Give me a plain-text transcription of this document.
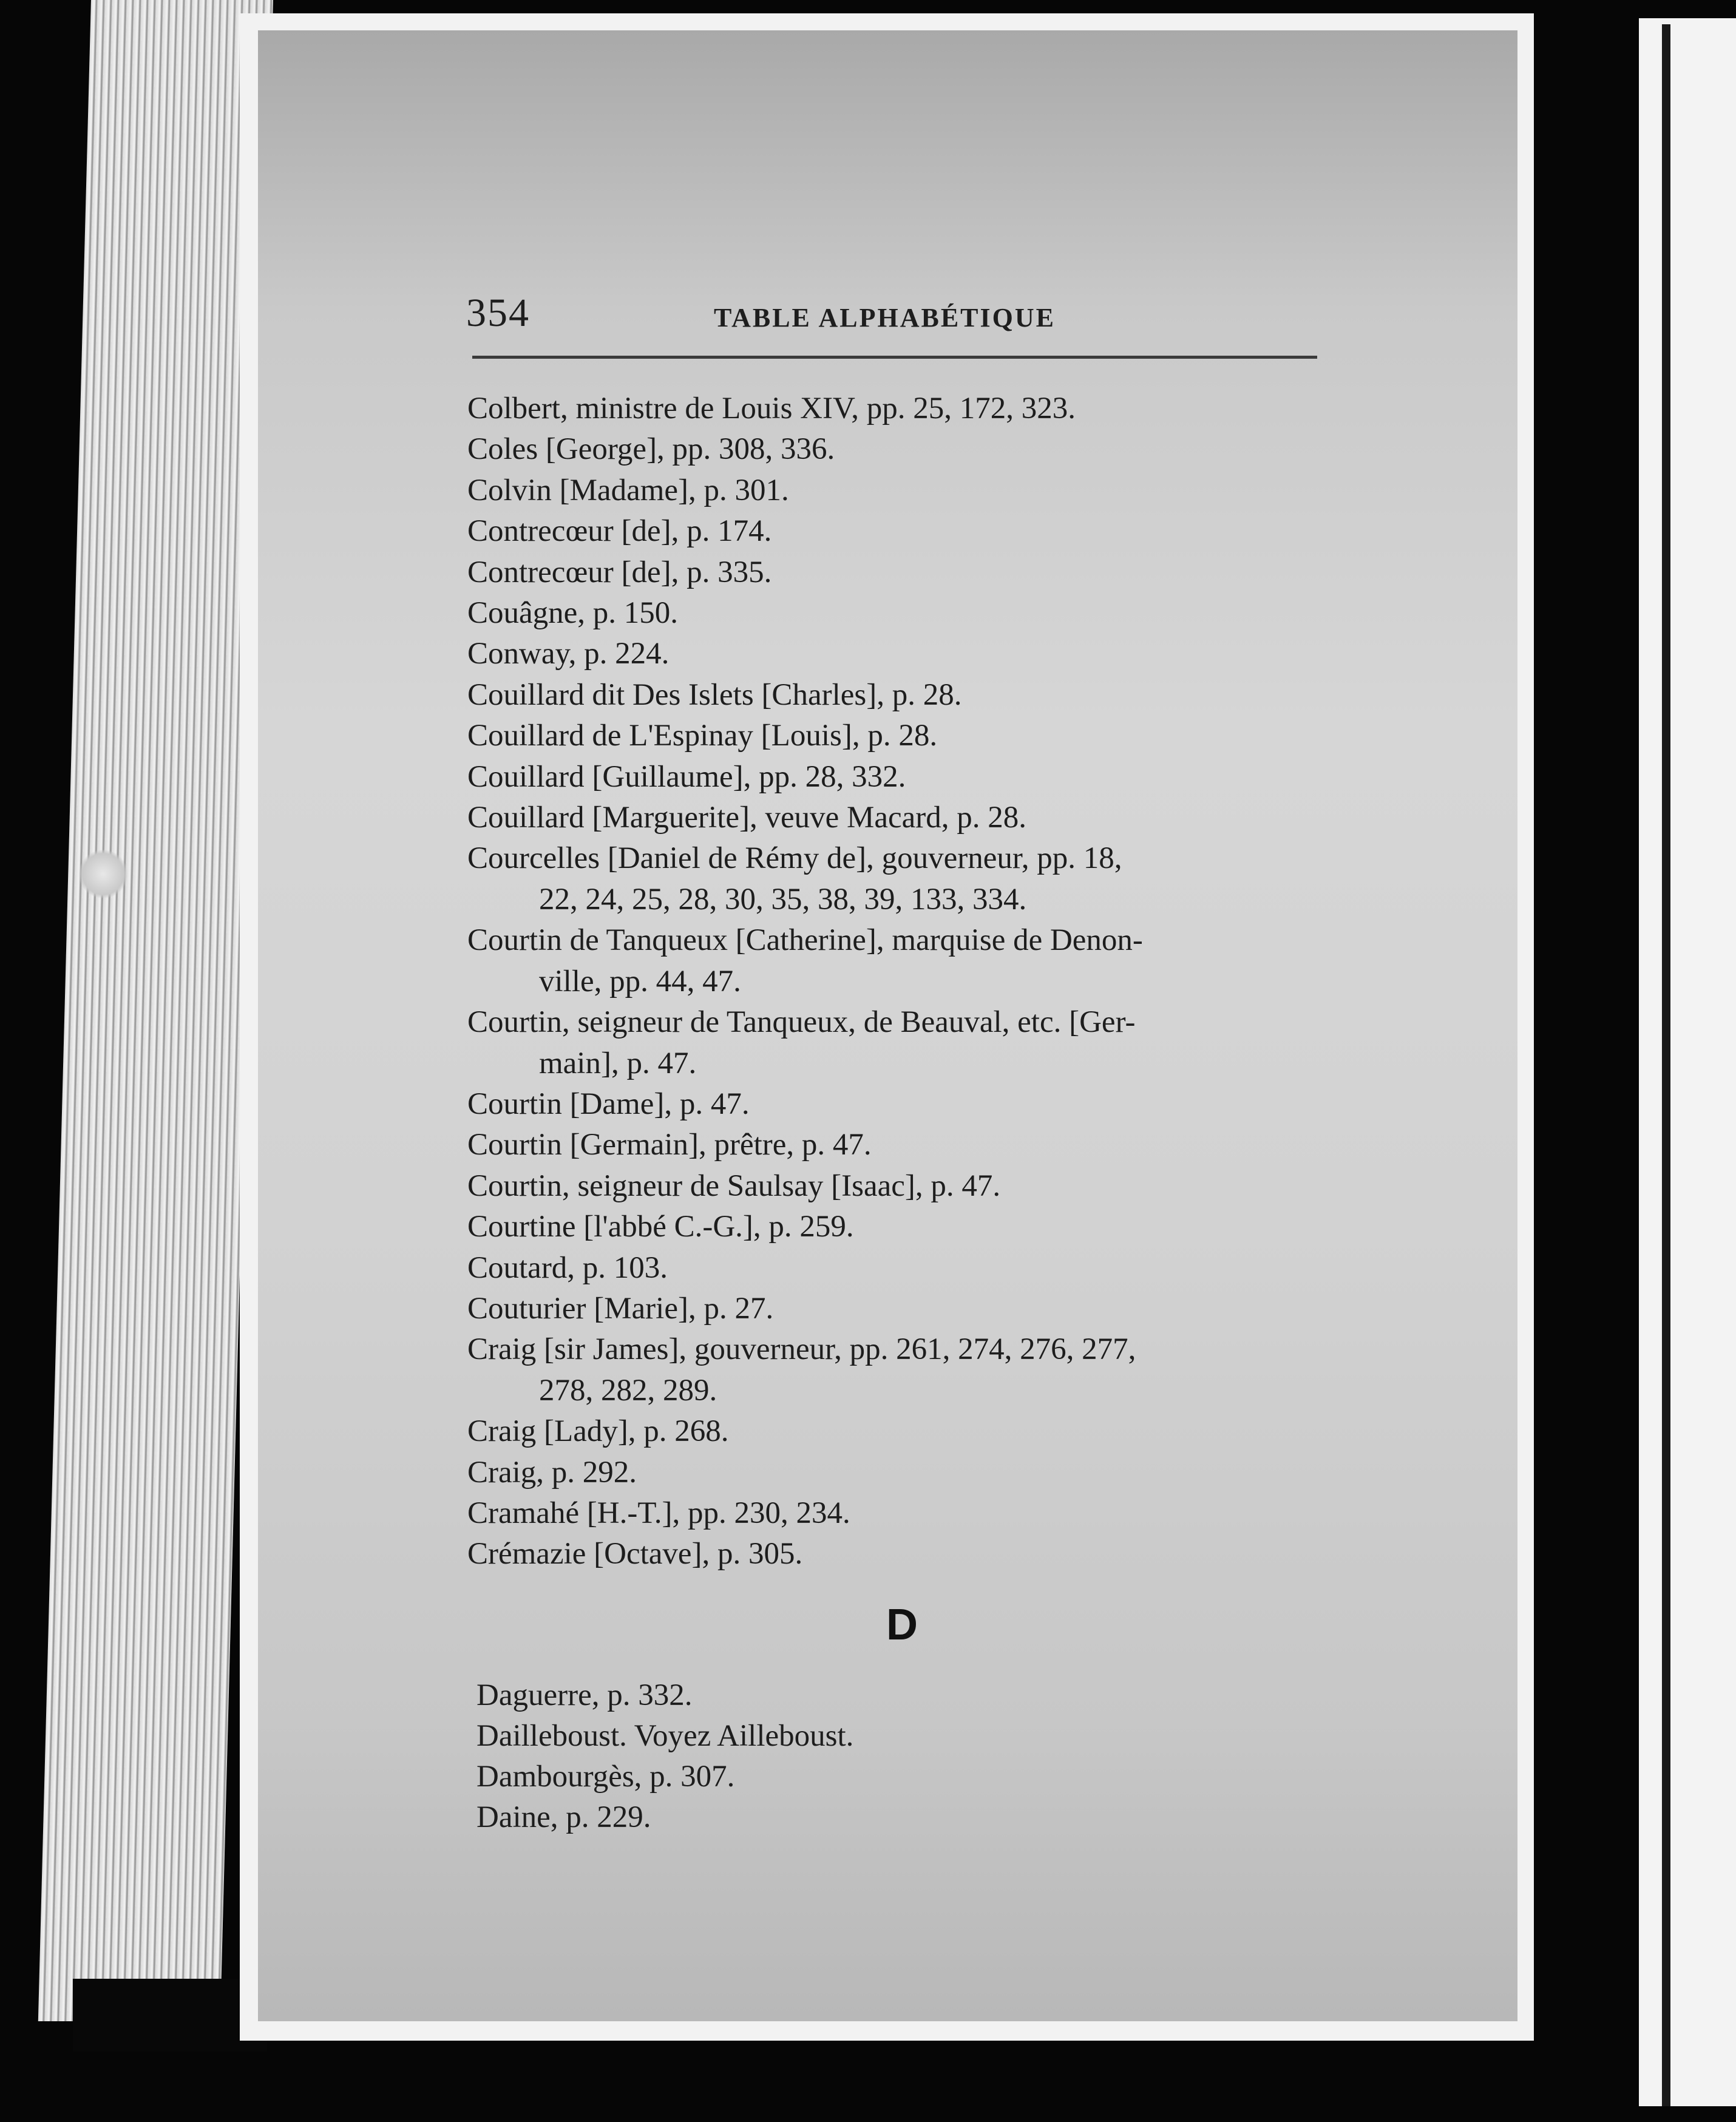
354	TABLE ALPHABÉTIQUE
Colbert, ministre de Louis XIV, pp. 25, 172, 323.
Coles [George], pp. 308, 336.
Colvin [Madame], p. 301.
Contrecœur [de], p. 174.
Contrecœur [de], p. 335.
Couâgne, p. 150.
Conway, p. 224.
Couillard dit Des Islets [Charles], p. 28.
Couillard de L'Espinay [Louis], p. 28.
Couillard [Guillaume], pp. 28, 332.
Couillard [Marguerite], veuve Macard, p. 28.
Courcelles [Daniel de Rémy de], gouverneur, pp. 18,
22, 24, 25, 28, 30, 35, 38, 39, 133, 334.
Courtin de Tanqueux [Catherine], marquise de Denon-
ville, pp. 44, 47.
Courtin, seigneur de Tanqueux, de Beauval, etc. [Ger-
main], p. 47.
Courtin [Dame], p. 47.
Courtin [Germain], prêtre, p. 47.
Courtin, seigneur de Saulsay [Isaac], p. 47.
Courtine [l'abbé C.-G.], p. 259.
Coutard, p. 103.
Couturier [Marie], p. 27.
Craig [sir James], gouverneur, pp. 261, 274, 276, 277,
278, 282, 289.
Craig [Lady], p. 268.
Craig, p. 292.
Cramahé [H.-T.], pp. 230, 234.
Crémazie [Octave], p. 305.
D
Daguerre, p. 332.
Dailleboust. Voyez Ailleboust.
Dambourgès, p. 307.
Daine, p. 229.
